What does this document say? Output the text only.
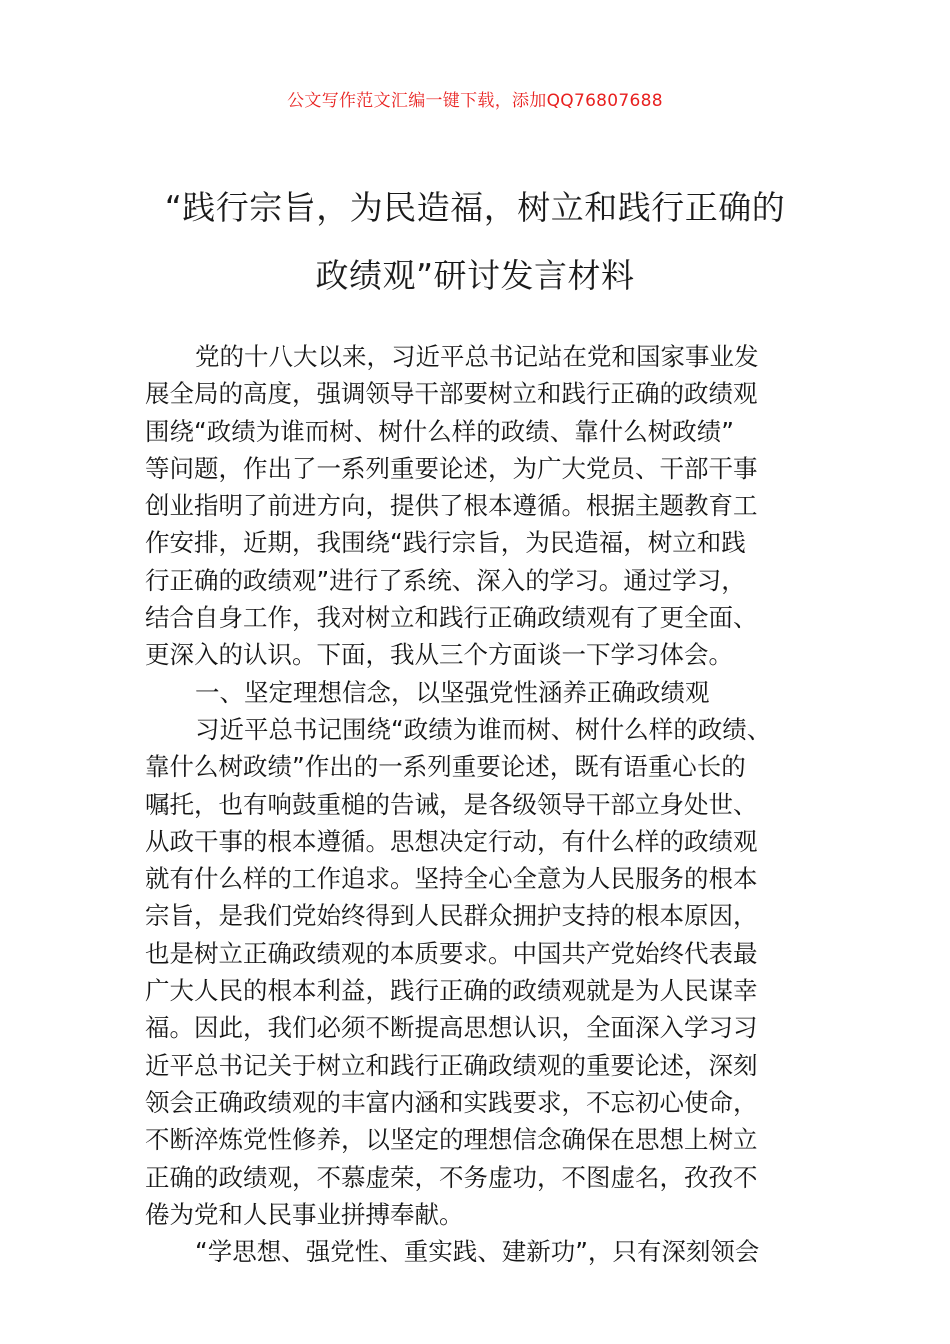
公文写作范文汇编一键下载，添加QQ76807688
“践行宗旨，为民造福，树立和践行正确的
政绩观”研讨发言材料
党的十八大以来，习近平总书记站在党和国家事业发
展全局的高度，强调领导干部要树立和践行正确的政绩观
围绕“政绩为谁而树、树什么样的政绩、靠什么树政绩”
等问题，作出了一系列重要论述，为广大党员、干部干事
创业指明了前进方向，提供了根本遵循。根据主题教育工
作安排，近期，我围绕“践行宗旨，为民造福，树立和践
行正确的政绩观”进行了系统、深入的学习。通过学习，
结合自身工作，我对树立和践行正确政绩观有了更全面、
更深入的认识。下面，我从三个方面谈一下学习体会。
一、坚定理想信念，以坚强党性涵养正确政绩观
习近平总书记围绕“政绩为谁而树、树什么样的政绩、
靠什么树政绩”作出的一系列重要论述，既有语重心长的
嘱托，也有响鼓重槌的告诫，是各级领导干部立身处世、
从政干事的根本遵循。思想决定行动，有什么样的政绩观
就有什么样的工作追求。坚持全心全意为人民服务的根本
宗旨，是我们党始终得到人民群众拥护支持的根本原因，
也是树立正确政绩观的本质要求。中国共产党始终代表最
广大人民的根本利益，践行正确的政绩观就是为人民谋幸
福。因此，我们必须不断提高思想认识，全面深入学习习
近平总书记关于树立和践行正确政绩观的重要论述，深刻
领会正确政绩观的丰富内涵和实践要求，不忘初心使命，
不断淬炼党性修养，以坚定的理想信念确保在思想上树立
正确的政绩观，不慕虚荣，不务虚功，不图虚名，孜孜不
倦为党和人民事业拼搏奉献。
“学思想、强党性、重实践、建新功”，只有深刻领会
